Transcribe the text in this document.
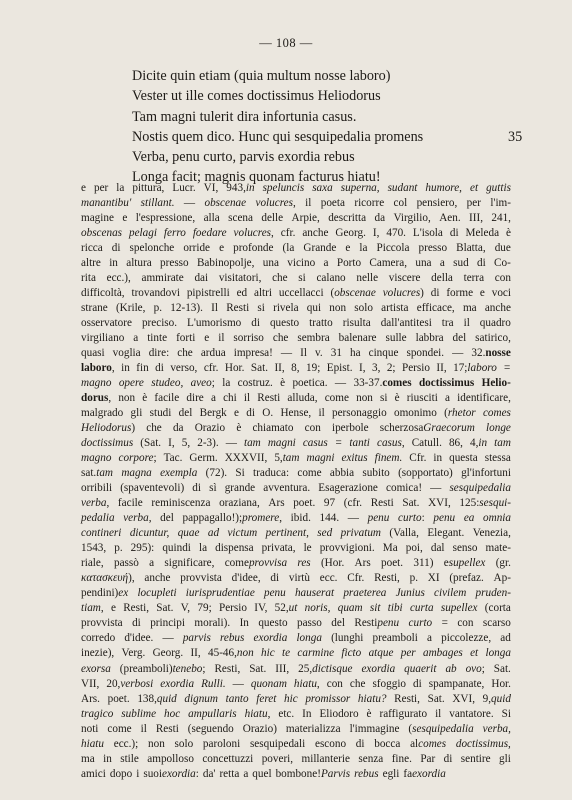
— 108 —
Dicite quin etiam (quia multum nosse laboro)
Vester ut ille comes doctissimus Heliodorus
Tam magni tulerit dira infortunia casus.
Nostis quem dico. Hunc qui sesquipedalia promens	35
Verba, penu curto, parvis exordia rebus
Longa facit; magnis quonam facturus hiatu!
e per la pittura, Lucr. VI, 943,in speluncis saxa superna, sudant humore, et guttis
manantibu' stillant. — obscenae volucres, il poeta ricorre col pensiero, per l'im-
magine e l'espressione, alla scena delle Arpie, descritta da Virgilio, Aen. III, 241,
obscenas pelagi ferro foedare volucres, cfr. anche Georg. I, 470. L'isola di Meleda è
ricca di spelonche orride e profonde (la Grande e la Piccola presso Blatta, due
altre in altura presso Babinopolje, una vicino a Porto Camera, una a sud di Co-
rita ecc.), ammirate dai visitatori, che si calano nelle viscere della terra con
difficoltà, trovandovi pipistrelli ed altri uccellacci (obscenae volucres) di forme e voci
strane (Krile, p. 12-13). Il Resti si rivela qui non solo artista efficace, ma anche
osservatore preciso. L'umorismo di questo tratto risulta dall'antitesi tra il quadro
virgiliano a tinte forti e il sorriso che sembra balenare sulle labbra del satirico,
quasi voglia dire: che ardua impresa! — Il v. 31 ha cinque spondei. — 32.nosse
laboro, in fin di verso, cfr. Hor. Sat. II, 8, 19; Epist. I, 3, 2; Persio II, 17;laboro =
magno opere studeo, aveo; la costruz. è poetica. — 33-37.comes doctissimus Helio-
dorus, non è facile dire a chi il Resti alluda, come non si è riusciti a identificare,
malgrado gli studi del Bergk e di O. Hense, il personaggio omonimo (rhetor comes
Heliodorus) che da Orazio è chiamato con iperbole scherzosaGraecorum longe
doctissimus (Sat. I, 5, 2-3). — tam magni casus = tanti casus, Catull. 86, 4,in tam
magno corpore; Tac. Germ. XXXVII, 5,tam magni exitus finem. Cfr. in questa stessa
sat.tam magna exempla (72). Si traduca: come abbia subito (sopportato) gl'infortuni
orribili (spaventevoli) di sì grande avventura. Esagerazione comica! — sesquipedalia
verba, facile reminiscenza oraziana, Ars poet. 97 (cfr. Resti Sat. XVI, 125:sesqui-
pedalia verba, del pappagallo!);promere, ibid. 144. — penu curto: penu ea omnia
contineri dicuntur, quae ad victum pertinent, sed privatum (Valla, Elegant. Venezia,
1543, p. 295): quindi la dispensa privata, le provvigioni. Ma poi, dal senso mate-
riale, passò a significare, comeprovvisa res (Hor. Ars poet. 311) esupellex (gr.
κατασκευή), anche provvista d'idee, di virtù ecc. Cfr. Resti, p. XI (prefaz. Ap-
pendini)ex locupleti iurisprudentiae penu hauserat praeterea Junius civilem pruden-
tiam, e Resti, Sat. V, 79; Persio IV, 52,ut noris, quam sit tibi curta supellex (corta
provvista di principi morali). In questo passo del Restipenu curto = con scarso
corredo d'idee. — parvis rebus exordia longa (lunghi preamboli a piccolezze, ad
inezie), Verg. Georg. II, 45-46,non hic te carmine ficto atque per ambages et longa
exorsa (preamboli)tenebo; Resti, Sat. III, 25,dictisque exordia quaerit ab ovo; Sat.
VII, 20,verbosi exordia Rulli. — quonam hiatu, con che sfoggio di spampanate, Hor.
Ars. poet. 138,quid dignum tanto feret hic promissor hiatu? Resti, Sat. XVI, 9,quid
tragico sublime hoc ampullaris hiatu, etc. In Eliodoro è raffigurato il vantatore. Si
noti come il Resti (seguendo Orazio) materializza l'immagine (sesquipedalia verba,
hiatu ecc.); non solo paroloni sesquipedali escono di bocca alcomes doctissimus,
ma in stile ampolloso concettuzzi poveri, millanterie senza fine. Par di sentire gli
amici dopo i suoiexordia: da' retta a quel bombone!Parvis rebus egli faexordia
